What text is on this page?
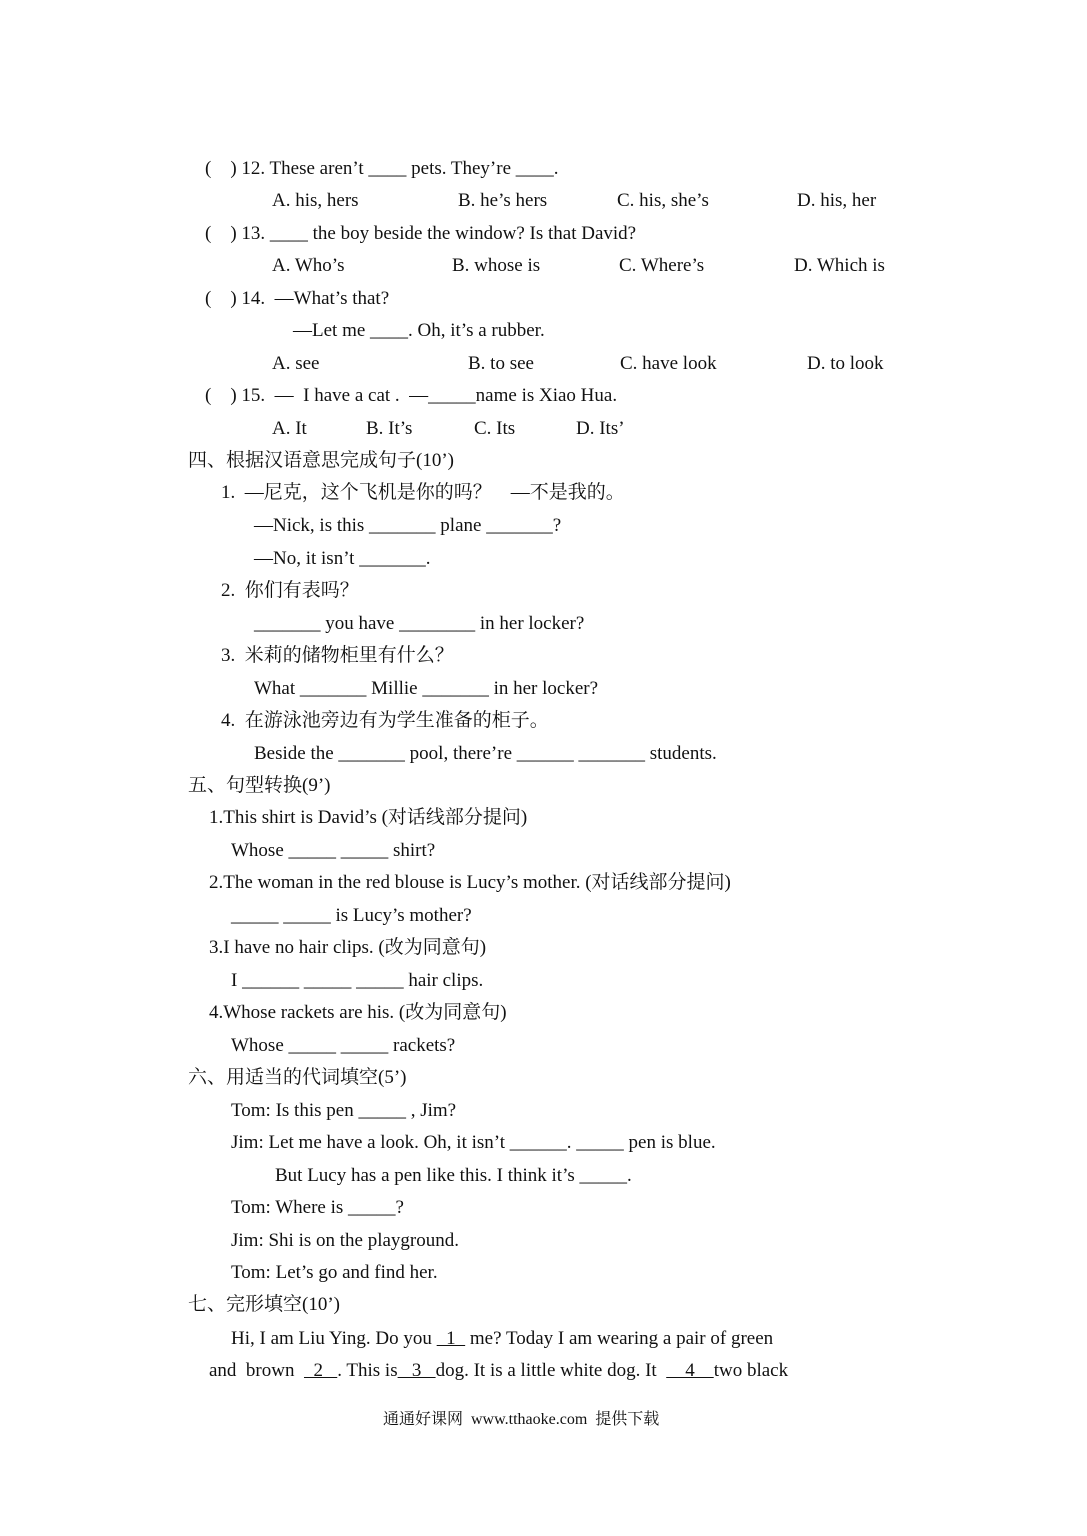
(    ) 12. These aren’t ____ pets. They’re ____.
A. his, hers	B. he’s hers	C. his, she’s	D. his, her
(    ) 13. ____ the boy beside the window? Is that David?
A. Who’s	B. whose is	C. Where’s	D. Which is
(    ) 14.  —What’s that?
—Let me ____. Oh, it’s a rubber.
A. see	B. to see	C. have look	D. to look
(    ) 15.  —  I have a cat .  —_____name is Xiao Hua.
A. It	B. It’s	C. Its	D. Its’
四、根据汉语意思完成句子(10’)
1.  —尼克，这个飞机是你的吗？    —不是我的。
—Nick, is this _______ plane _______?
—No, it isn’t _______.
2.  你们有表吗？
_______ you have ________ in her locker?
3.  米莉的储物柜里有什么？
What _______ Millie _______ in her locker?
4.  在游泳池旁边有为学生准备的柜子。
Beside the _______ pool, there’re ______ _______ students.
五、句型转换(9’)
1.This shirt is David’s (对话线部分提问)
Whose _____ _____ shirt?
2.The woman in the red blouse is Lucy’s mother. (对话线部分提问)
_____ _____ is Lucy’s mother?
3.I have no hair clips. (改为同意句)
I ______ _____ _____ hair clips.
4.Whose rackets are his. (改为同意句)
Whose _____ _____ rackets?
六、用适当的代词填空(5’)
Tom: Is this pen _____ , Jim?
Jim: Let me have a look. Oh, it isn’t ______. _____ pen is blue.
But Lucy has a pen like this. I think it’s _____.
Tom: Where is _____?
Jim: Shi is on the playground.
Tom: Let’s go and find her.
七、完形填空(10’)
Hi, I am Liu Ying. Do you   1   me? Today I am wearing a pair of green
and  brown    2   . This is   3   dog. It is a little white dog. It      4    two black
通通好课网  www.tthaoke.com  提供下载
